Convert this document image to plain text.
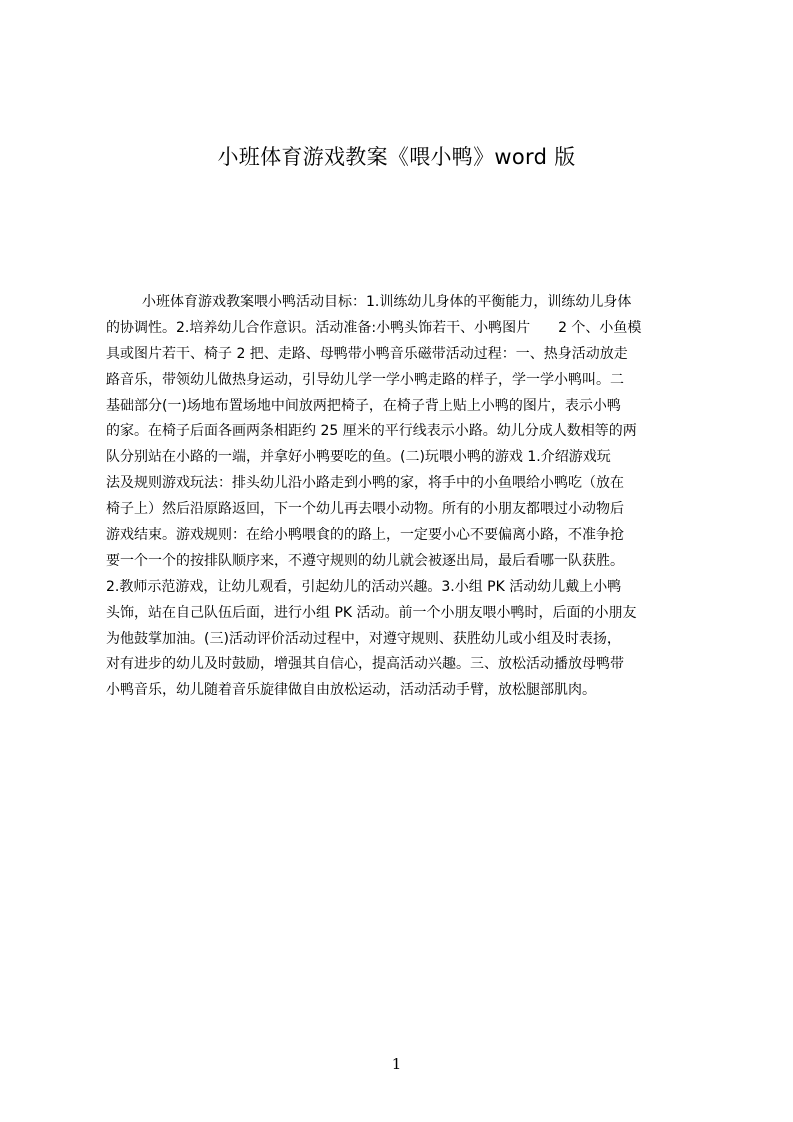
小班体育游戏教案《喂小鸭》word 版
小班体育游戏教案喂小鸭活动目标：1.训练幼儿身体的平衡能力，训练幼儿身体
的协调性。2.培养幼儿合作意识。活动准备:小鸭头饰若干、小鸭图片　　2 个、小鱼模
具或图片若干、椅子 2 把、走路、母鸭带小鸭音乐磁带活动过程：一、热身活动放走
路音乐，带领幼儿做热身运动，引导幼儿学一学小鸭走路的样子，学一学小鸭叫。二
基础部分(一)场地布置场地中间放两把椅子，在椅子背上贴上小鸭的图片，表示小鸭
的家。在椅子后面各画两条相距约 25 厘米的平行线表示小路。幼儿分成人数相等的两
队分别站在小路的一端，并拿好小鸭要吃的鱼。(二)玩喂小鸭的游戏 1.介绍游戏玩
法及规则游戏玩法：排头幼儿沿小路走到小鸭的家，将手中的小鱼喂给小鸭吃（放在
椅子上）然后沿原路返回，下一个幼儿再去喂小动物。所有的小朋友都喂过小动物后
游戏结束。游戏规则：在给小鸭喂食的的路上，一定要小心不要偏离小路，不准争抢
要一个一个的按排队顺序来，不遵守规则的幼儿就会被逐出局，最后看哪一队获胜。
2.教师示范游戏，让幼儿观看，引起幼儿的活动兴趣。3.小组 PK 活动幼儿戴上小鸭
头饰，站在自己队伍后面，进行小组 PK 活动。前一个小朋友喂小鸭时，后面的小朋友
为他鼓掌加油。(三)活动评价活动过程中，对遵守规则、获胜幼儿或小组及时表扬，
对有进步的幼儿及时鼓励，增强其自信心，提高活动兴趣。三、放松活动播放母鸭带
小鸭音乐，幼儿随着音乐旋律做自由放松运动，活动活动手臂，放松腿部肌肉。
1
